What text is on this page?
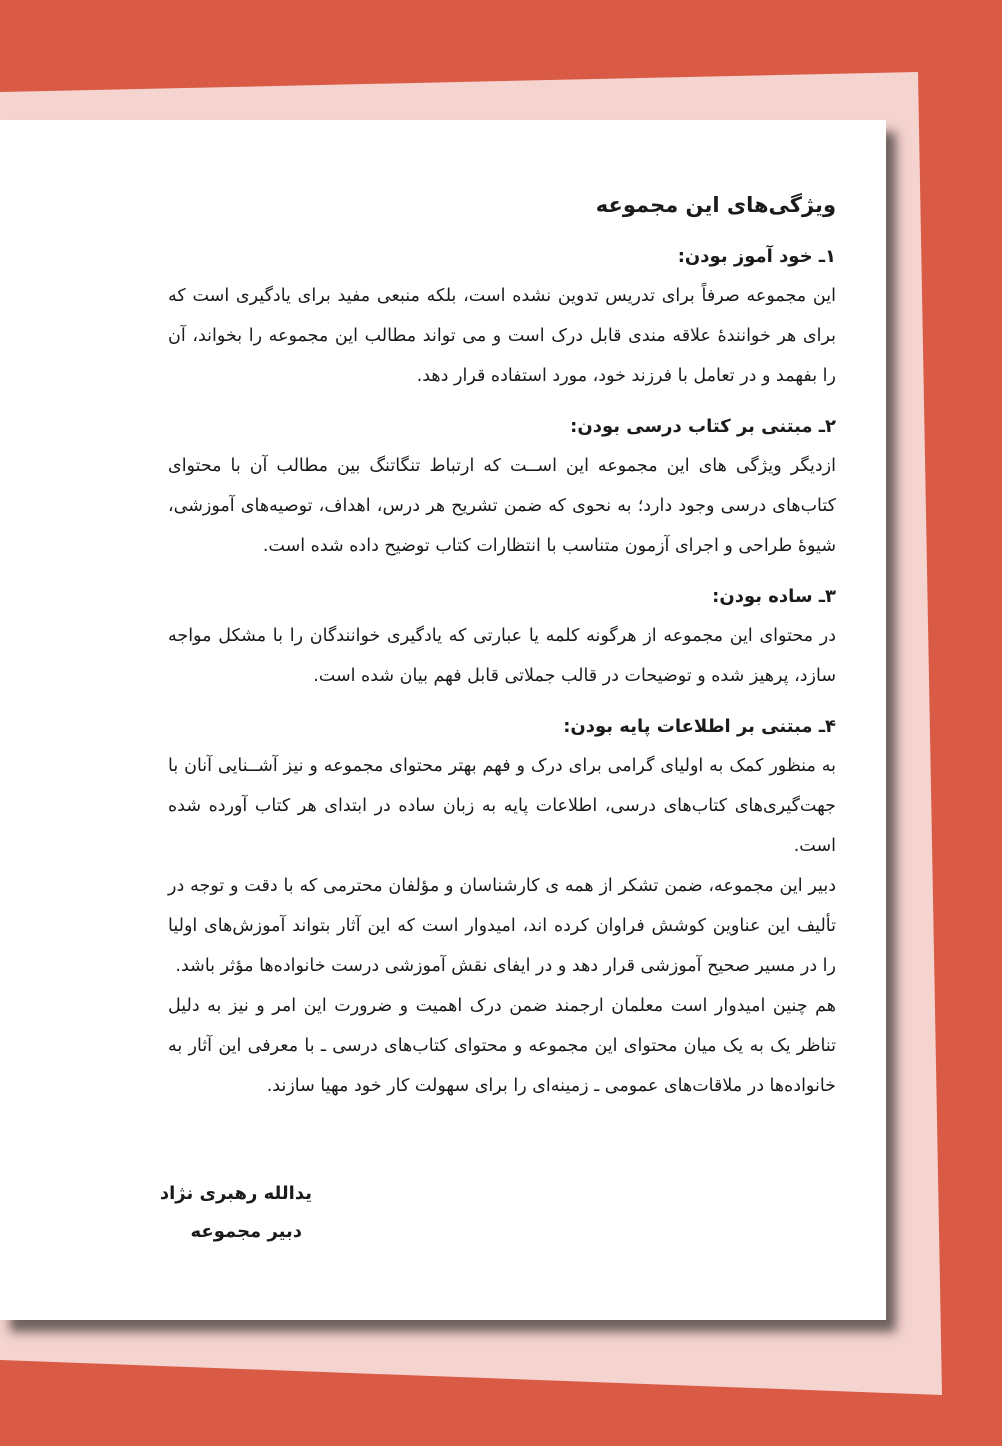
ویژگی‌های این مجموعه
۱ـ خود آموز بودن:

این مجموعه صرفاً برای تدریس تدوین نشده است، بلکه منبعی مفید برای یادگیری است که برای هر خوانندهٔ علاقه مندی قابل درک است و می تواند مطالب این مجموعه را بخواند، آن را بفهمد و در تعامل با فرزند خود، مورد استفاده قرار دهد.

۲ـ مبتنی بر کتاب درسی بودن:

ازدیگر ویژگی های این مجموعه این اســت که ارتباط تنگاتنگ بین مطالب آن با محتوای کتاب‌های درسی وجود دارد؛ به نحوی که ضمن تشریح هر درس، اهداف، توصیه‌های آموزشی، شیوهٔ طراحی و اجرای آزمون متناسب با انتظارات کتاب توضیح داده شده است.

۳ـ ساده بودن:

در محتوای این مجموعه از هرگونه کلمه یا عبارتی که یادگیری خوانندگان را با مشکل مواجه سازد، پرهیز شده و توضیحات در قالب جملاتی قابل فهم بیان شده است.

۴ـ مبتنی بر اطلاعات پایه بودن:

به منظور کمک به اولیای گرامی برای درک و فهم بهتر محتوای مجموعه و نیز آشــنایی آنان با جهت‌گیری‌های کتاب‌های درسی، اطلاعات پایه به زبان ساده در ابتدای هر کتاب آورده شده است.

دبیر این مجموعه، ضمن تشکر از همه ی کارشناسان و مؤلفان محترمی که با دقت و توجه در تألیف این عناوین کوشش فراوان کرده اند، امیدوار است که این آثار بتواند آموزش‌های اولیا را در مسیر صحیح آموزشی قرار دهد و در ایفای نقش آموزشی درست خانواده‌ها مؤثر باشد.

هم چنین امیدوار است معلمان ارجمند ضمن درک اهمیت و ضرورت این امر و نیز به دلیل تناظر یک به یک میان محتوای این مجموعه و محتوای کتاب‌های درسی ـ با معرفی این آثار به خانواده‌ها در ملاقات‌های عمومی ـ زمینه‌ای را برای سهولت کار خود مهیا سازند.

یدالله رهبری نژاد
دبیر مجموعه
